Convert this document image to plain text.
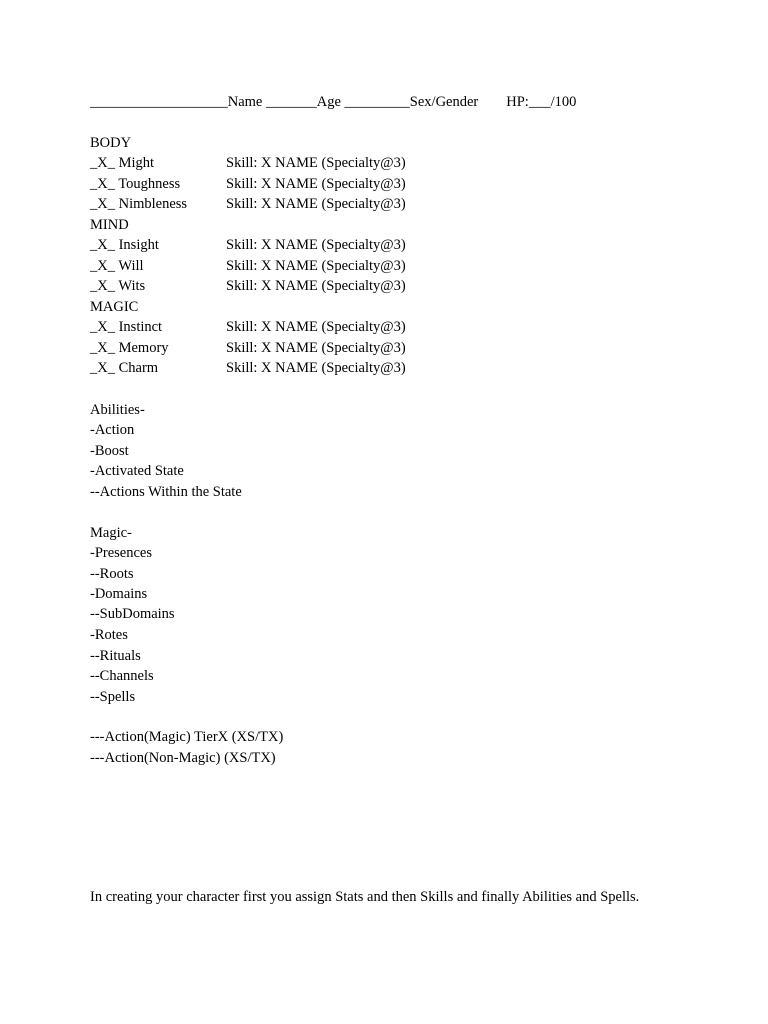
___________________Name _______Age _________Sex/Gender HP:___/100
BODY
_X_ Might	Skill: X NAME (Specialty@3)
_X_ Toughness	Skill: X NAME (Specialty@3)
_X_ Nimbleness	Skill: X NAME (Specialty@3)
MIND
_X_ Insight	Skill: X NAME (Specialty@3)
_X_ Will	Skill: X NAME (Specialty@3)
_X_ Wits	Skill: X NAME (Specialty@3)
MAGIC
_X_ Instinct	Skill: X NAME (Specialty@3)
_X_ Memory	Skill: X NAME (Specialty@3)
_X_ Charm	Skill: X NAME (Specialty@3)
Abilities-
-Action
-Boost
-Activated State
--Actions Within the State
Magic-
-Presences
--Roots
-Domains
--SubDomains
-Rotes
--Rituals
--Channels
--Spells
---Action(Magic) TierX (XS/TX)
---Action(Non-Magic) (XS/TX)
In creating your character first you assign Stats and then Skills and finally Abilities and Spells.
